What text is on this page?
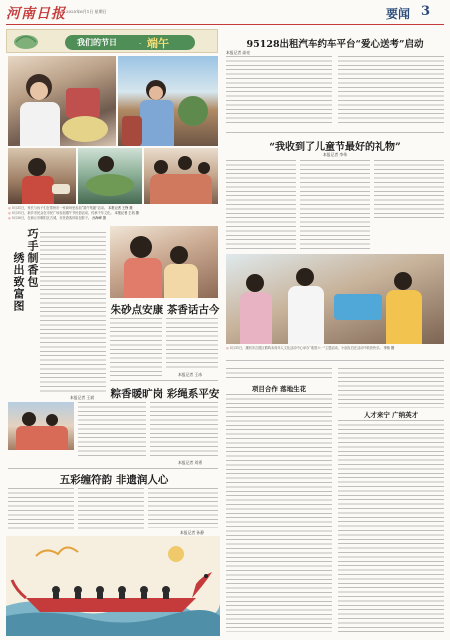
河南日报 2025年6月1日 星期日	要闻 3
我们的节日	· 端午
◎ 5月31日，家长与孩子们在郑州市一家商场里参加“端午集趣”活动。 本报记者 王铮 摄
◎ 5月31日，新乡市民众在市民广场参加端午节民俗活动，传承千年文化。 本报记者 王培 摄
◎ 5月30日，在商丘市睢阳区古城，市民游客体验包粽子。 孙海峰 摄
巧手制香包
绣出致富图
本报记者 王斌
朱砂点安康 茶香话古今
本报记者 王冰
粽香暖旷岗 彩绳系平安
本报记者 刘勇
五彩缠符韵 非遗润人心
本报记者 孙静
95128出租汽车约车平台“爱心送考”启动
本报记者 高亮
“我收到了儿童节最好的礼物”
本报记者 李伟
◎ 5月31日，漯河市召陵区鹤鸣未成年人文化活动中心举办“欢度六一”主题活动，小朋友们在活动中收获快乐。 李伟 摄
项目合作 落地生花
人才来宁 广纳英才
